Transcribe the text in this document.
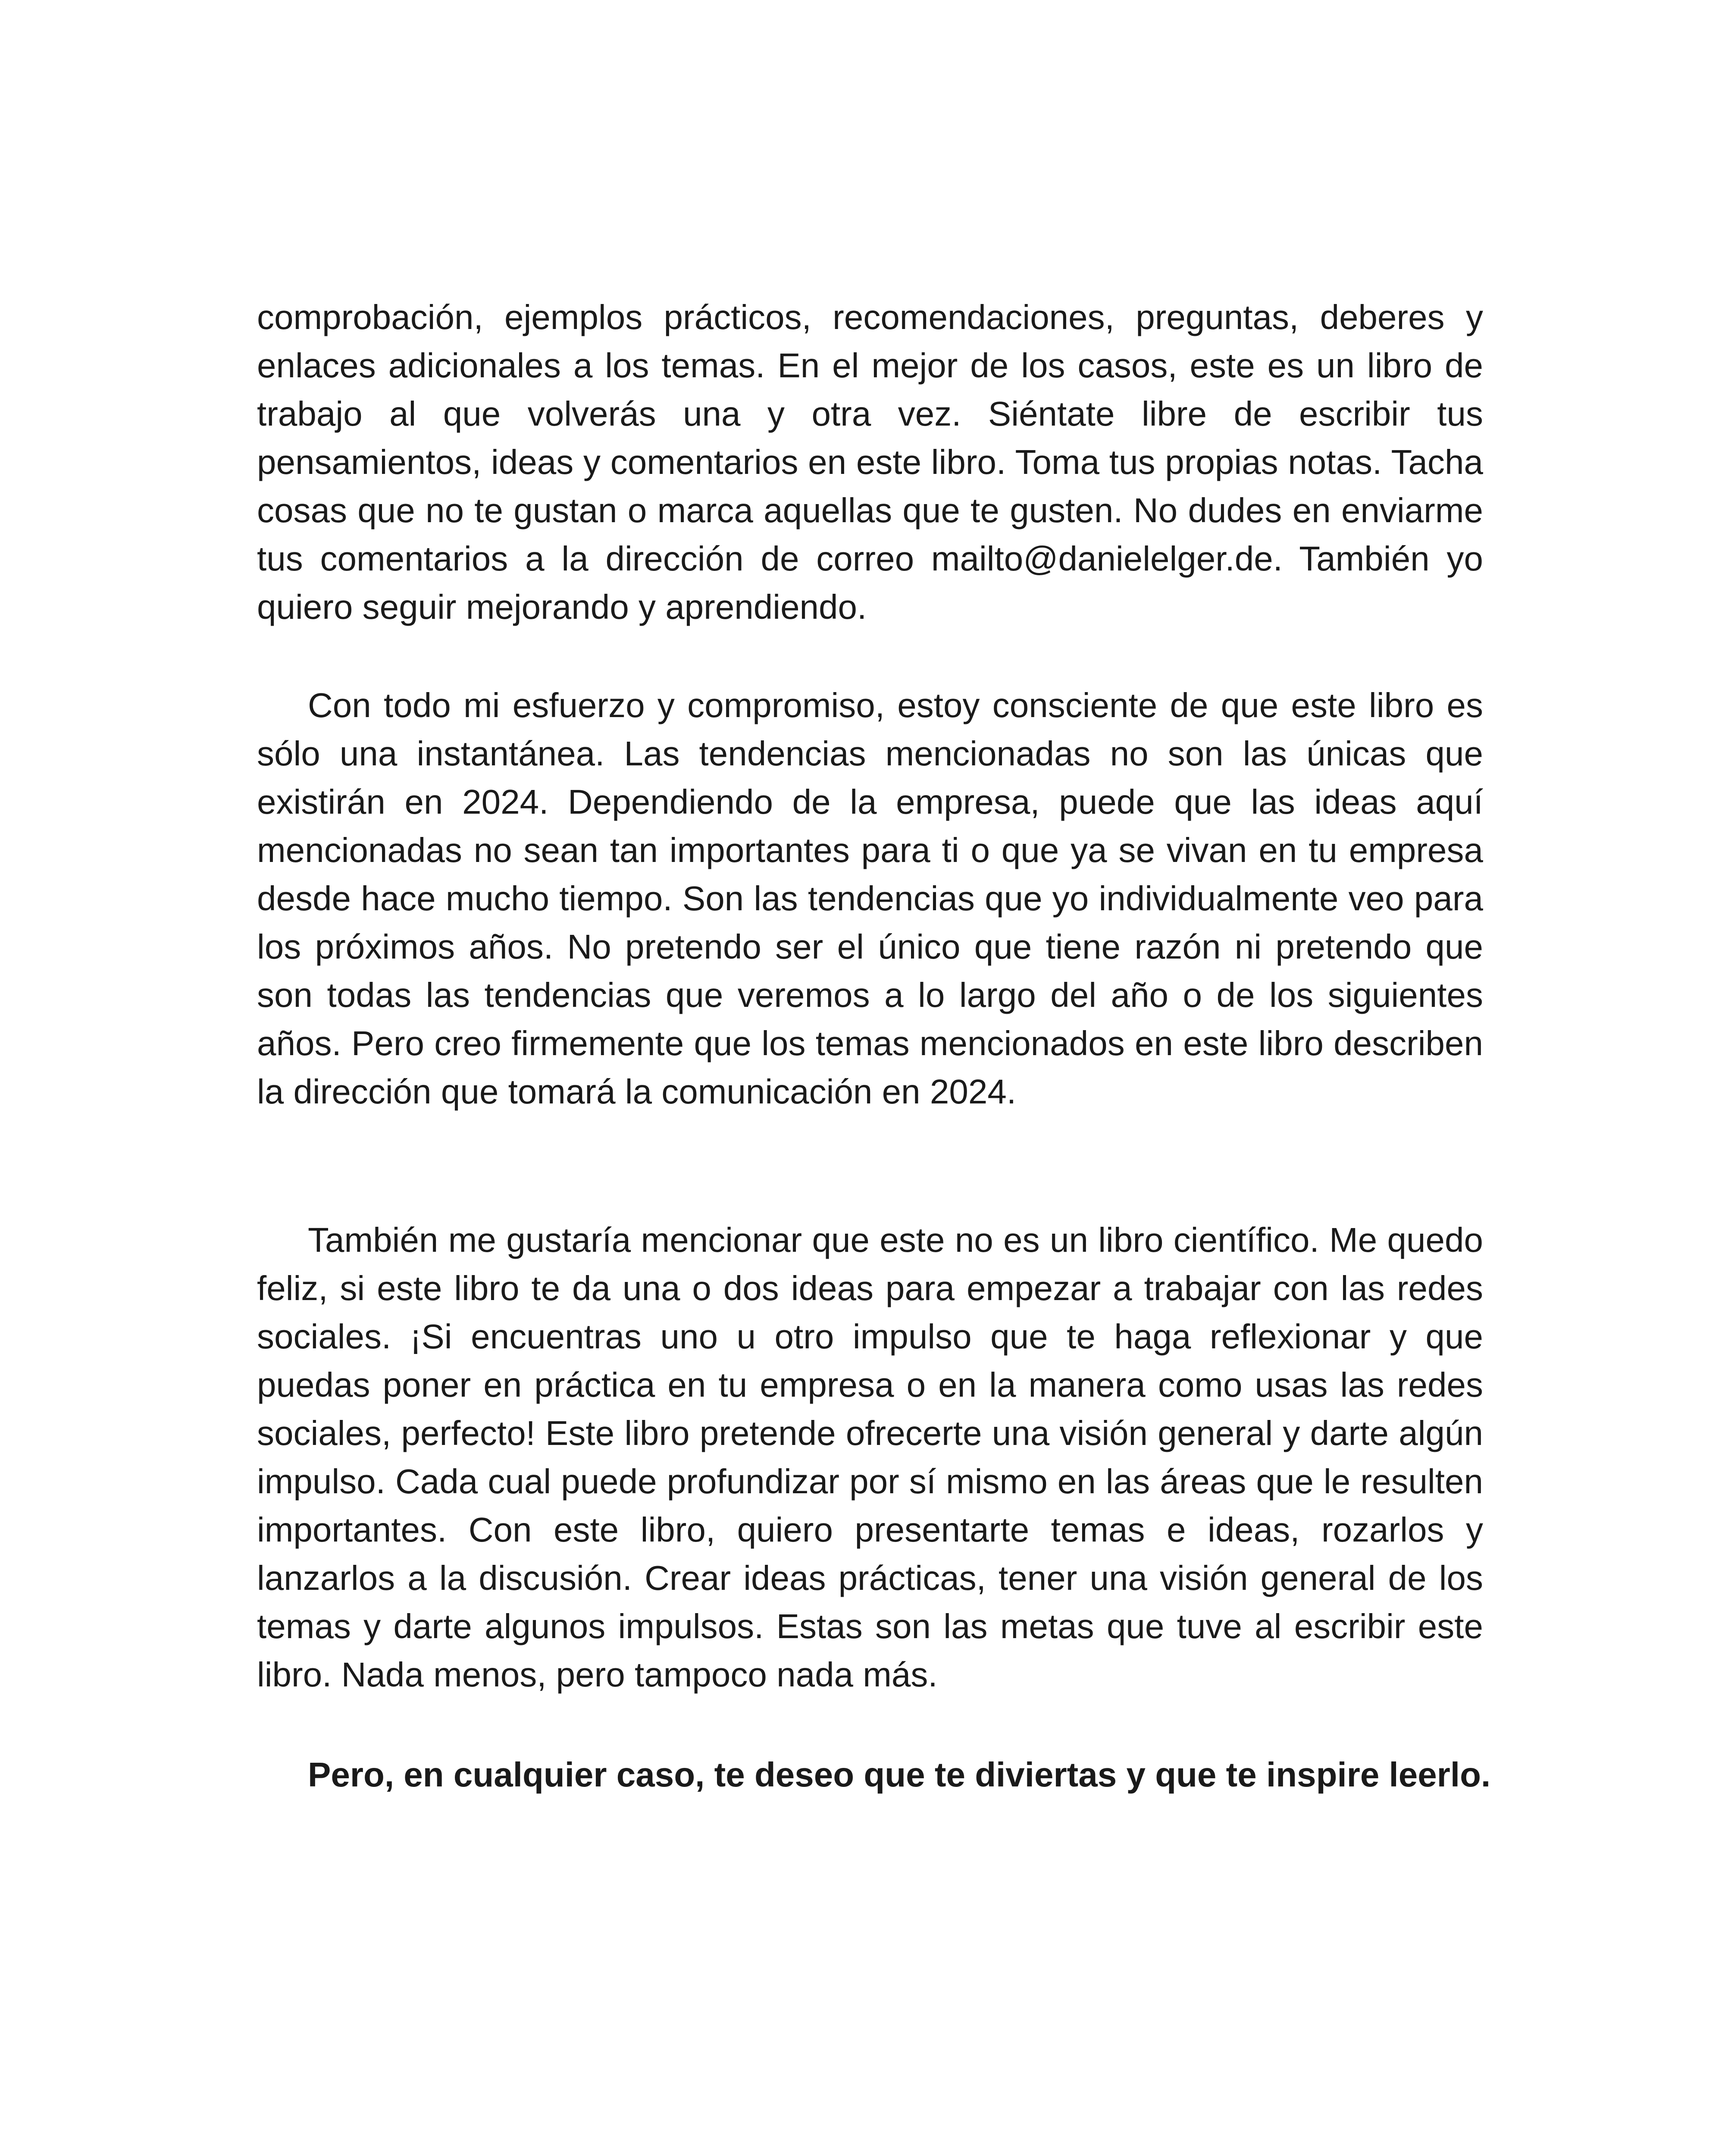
comprobación, ejemplos prácticos, recomendaciones, preguntas, deberes y enlaces adicionales a los temas. En el mejor de los casos, este es un libro de trabajo al que volverás una y otra vez. Siéntate libre de escribir tus pensamientos, ideas y comentarios en este libro. Toma tus propias notas. Tacha cosas que no te gustan o marca aquellas que te gusten. No dudes en enviarme tus comentarios a la dirección de correo mailto@danielelger.de. También yo quiero seguir mejorando y aprendiendo.

Con todo mi esfuerzo y compromiso, estoy consciente de que este libro es sólo una instantánea. Las tendencias mencionadas no son las únicas que existirán en 2024. Dependiendo de la empresa, puede que las ideas aquí mencionadas no sean tan importantes para ti o que ya se vivan en tu empresa desde hace mucho tiempo. Son las tendencias que yo individualmente veo para los próximos años. No pretendo ser el único que tiene razón ni pretendo que son todas las tendencias que veremos a lo largo del año o de los siguientes años. Pero creo firmemente que los temas mencionados en este libro describen la dirección que tomará la comunicación en 2024.

También me gustaría mencionar que este no es un libro científico. Me quedo feliz, si este libro te da una o dos ideas para empezar a trabajar con las redes sociales. ¡Si encuentras uno u otro impulso que te haga reflexionar y que puedas poner en práctica en tu empresa o en la manera como usas las redes sociales, perfecto! Este libro pretende ofrecerte una visión general y darte algún impulso. Cada cual puede profundizar por sí mismo en las áreas que le resulten importantes. Con este libro, quiero presentarte temas e ideas, rozarlos y lanzarlos a la discusión. Crear ideas prácticas, tener una visión general de los temas y darte algunos impulsos. Estas son las metas que tuve al escribir este libro. Nada menos, pero tampoco nada más.

Pero, en cualquier caso, te deseo que te diviertas y que te inspire leerlo.
